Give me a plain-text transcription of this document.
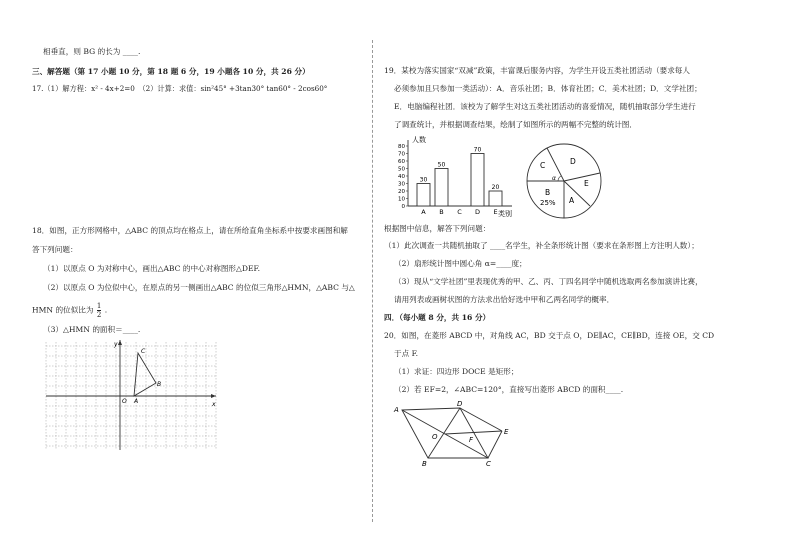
相垂直，则 BG 的长为 ____.
三、解答题（第 17 小题 10 分，第 18 题 6 分，19 小题各 10 分，共 26 分）
17.（1）解方程：x² - 4x+2=0　（2）计算：求值：sin²45° +3tan30° tan60° - 2cos60°
18．如图，正方形网格中，△ABC 的顶点均在格点上，请在所给直角坐标系中按要求画图和解
答下列问题：
（1）以原点 O 为对称中心，画出△ABC 的中心对称图形△DEF.
（2）以原点 O 为位似中心，在原点的另一侧画出△ABC 的位似三角形△HMN，△ABC 与△
HMN 的位似比为 $\frac{1}{2}$ .
（3）△HMN 的面积＝____.
y
x
O A
B
C
19．某校为落实国家“双减”政策，丰富课后服务内容，为学生开设五类社团活动（要求每人
必须参加且只参加一类活动）：A．音乐社团；B．体育社团；C．美术社团；D．文学社团；
E．电脑编程社团．该校为了解学生对这五类社团活动的喜爱情况，随机抽取部分学生进行
了调查统计，并根据调查结果，绘制了如图所示的两幅不完整的统计图．
0
10
20
30
40
50
60
70
80
30
A
50
B C
70
D
20
E
人数
类别
D
C
B
25% A
E
α
根据图中信息，解答下列问题：
（1）此次调查一共随机抽取了 ____名学生，补全条形统计图（要求在条形图上方注明人数）；
（2）扇形统计图中圆心角 α=____度；
（3）现从“文学社团”里表现优秀的甲、乙、丙、丁四名同学中随机选取两名参加演讲比赛，
请用列表或画树状图的方法求出恰好选中甲和乙两名同学的概率．
四．（每小题 8 分，共 16 分）
20．如图，在菱形 ABCD 中，对角线 AC，BD 交于点 O，DE∥AC，CE∥BD，连接 OE，交 CD
于点 F.
（1）求证：四边形 DOCE 是矩形；
（2）若 EF=2，∠ABC=120°，直接写出菱形 ABCD 的面积____.
A
D
O	F
E
B	C
